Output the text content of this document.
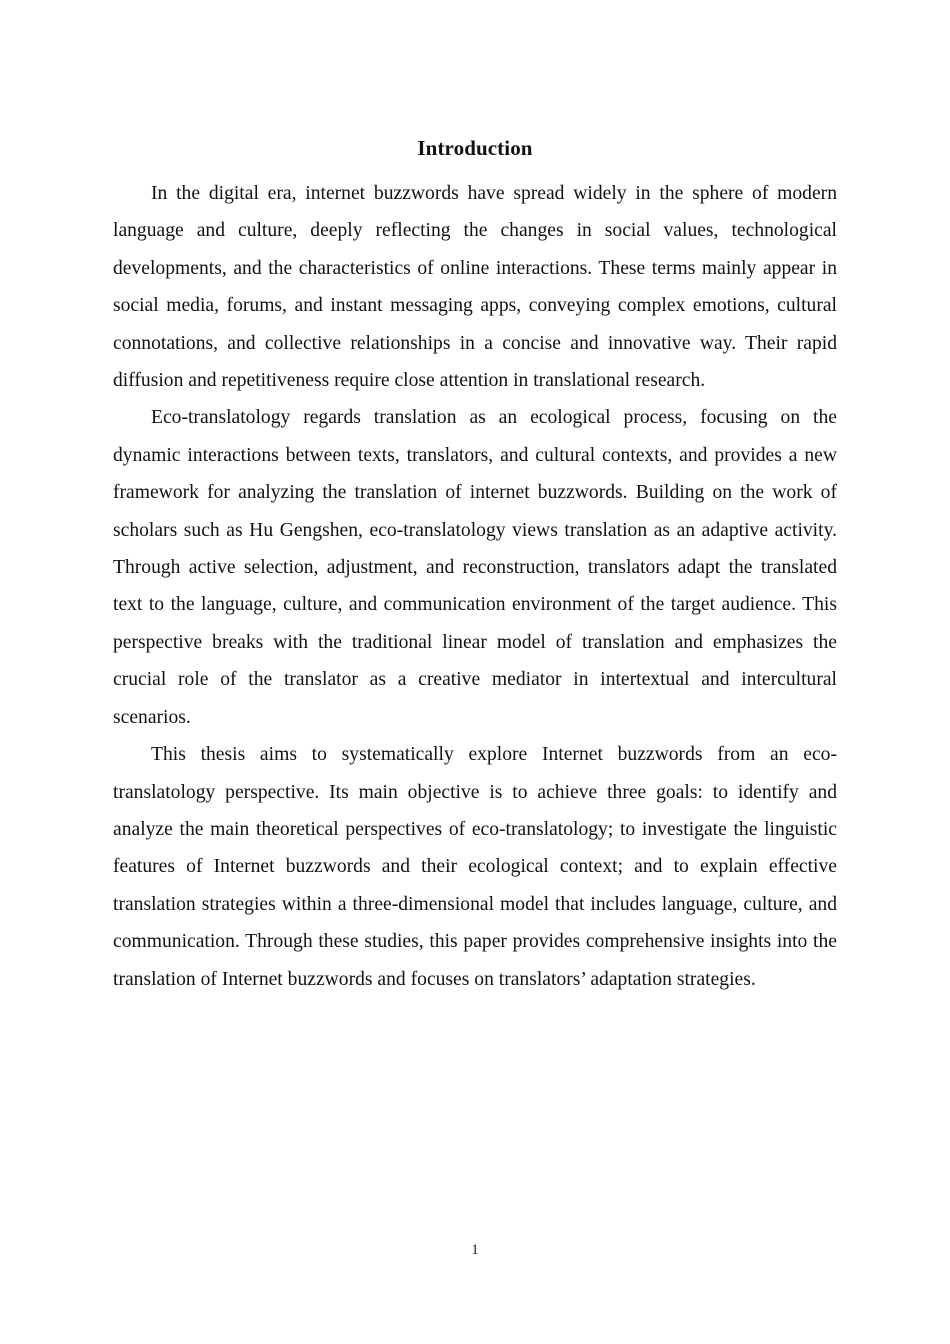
Introduction

In the digital era, internet buzzwords have spread widely in the sphere of modern language and culture, deeply reflecting the changes in social values, technological developments, and the characteristics of online interactions. These terms mainly appear in social media, forums, and instant messaging apps, conveying complex emotions, cultural connotations, and collective relationships in a concise and innovative way. Their rapid diffusion and repetitiveness require close attention in translational research.

Eco-translatology regards translation as an ecological process, focusing on the dynamic interactions between texts, translators, and cultural contexts, and provides a new framework for analyzing the translation of internet buzzwords. Building on the work of scholars such as Hu Gengshen, eco-translatology views translation as an adaptive activity. Through active selection, adjustment, and reconstruction, translators adapt the translated text to the language, culture, and communication environment of the target audience. This perspective breaks with the traditional linear model of translation and emphasizes the crucial role of the translator as a creative mediator in intertextual and intercultural scenarios.

This thesis aims to systematically explore Internet buzzwords from an eco-translatology perspective. Its main objective is to achieve three goals: to identify and analyze the main theoretical perspectives of eco-translatology; to investigate the linguistic features of Internet buzzwords and their ecological context; and to explain effective translation strategies within a three-dimensional model that includes language, culture, and communication. Through these studies, this paper provides comprehensive insights into the translation of Internet buzzwords and focuses on translators’ adaptation strategies.

1
